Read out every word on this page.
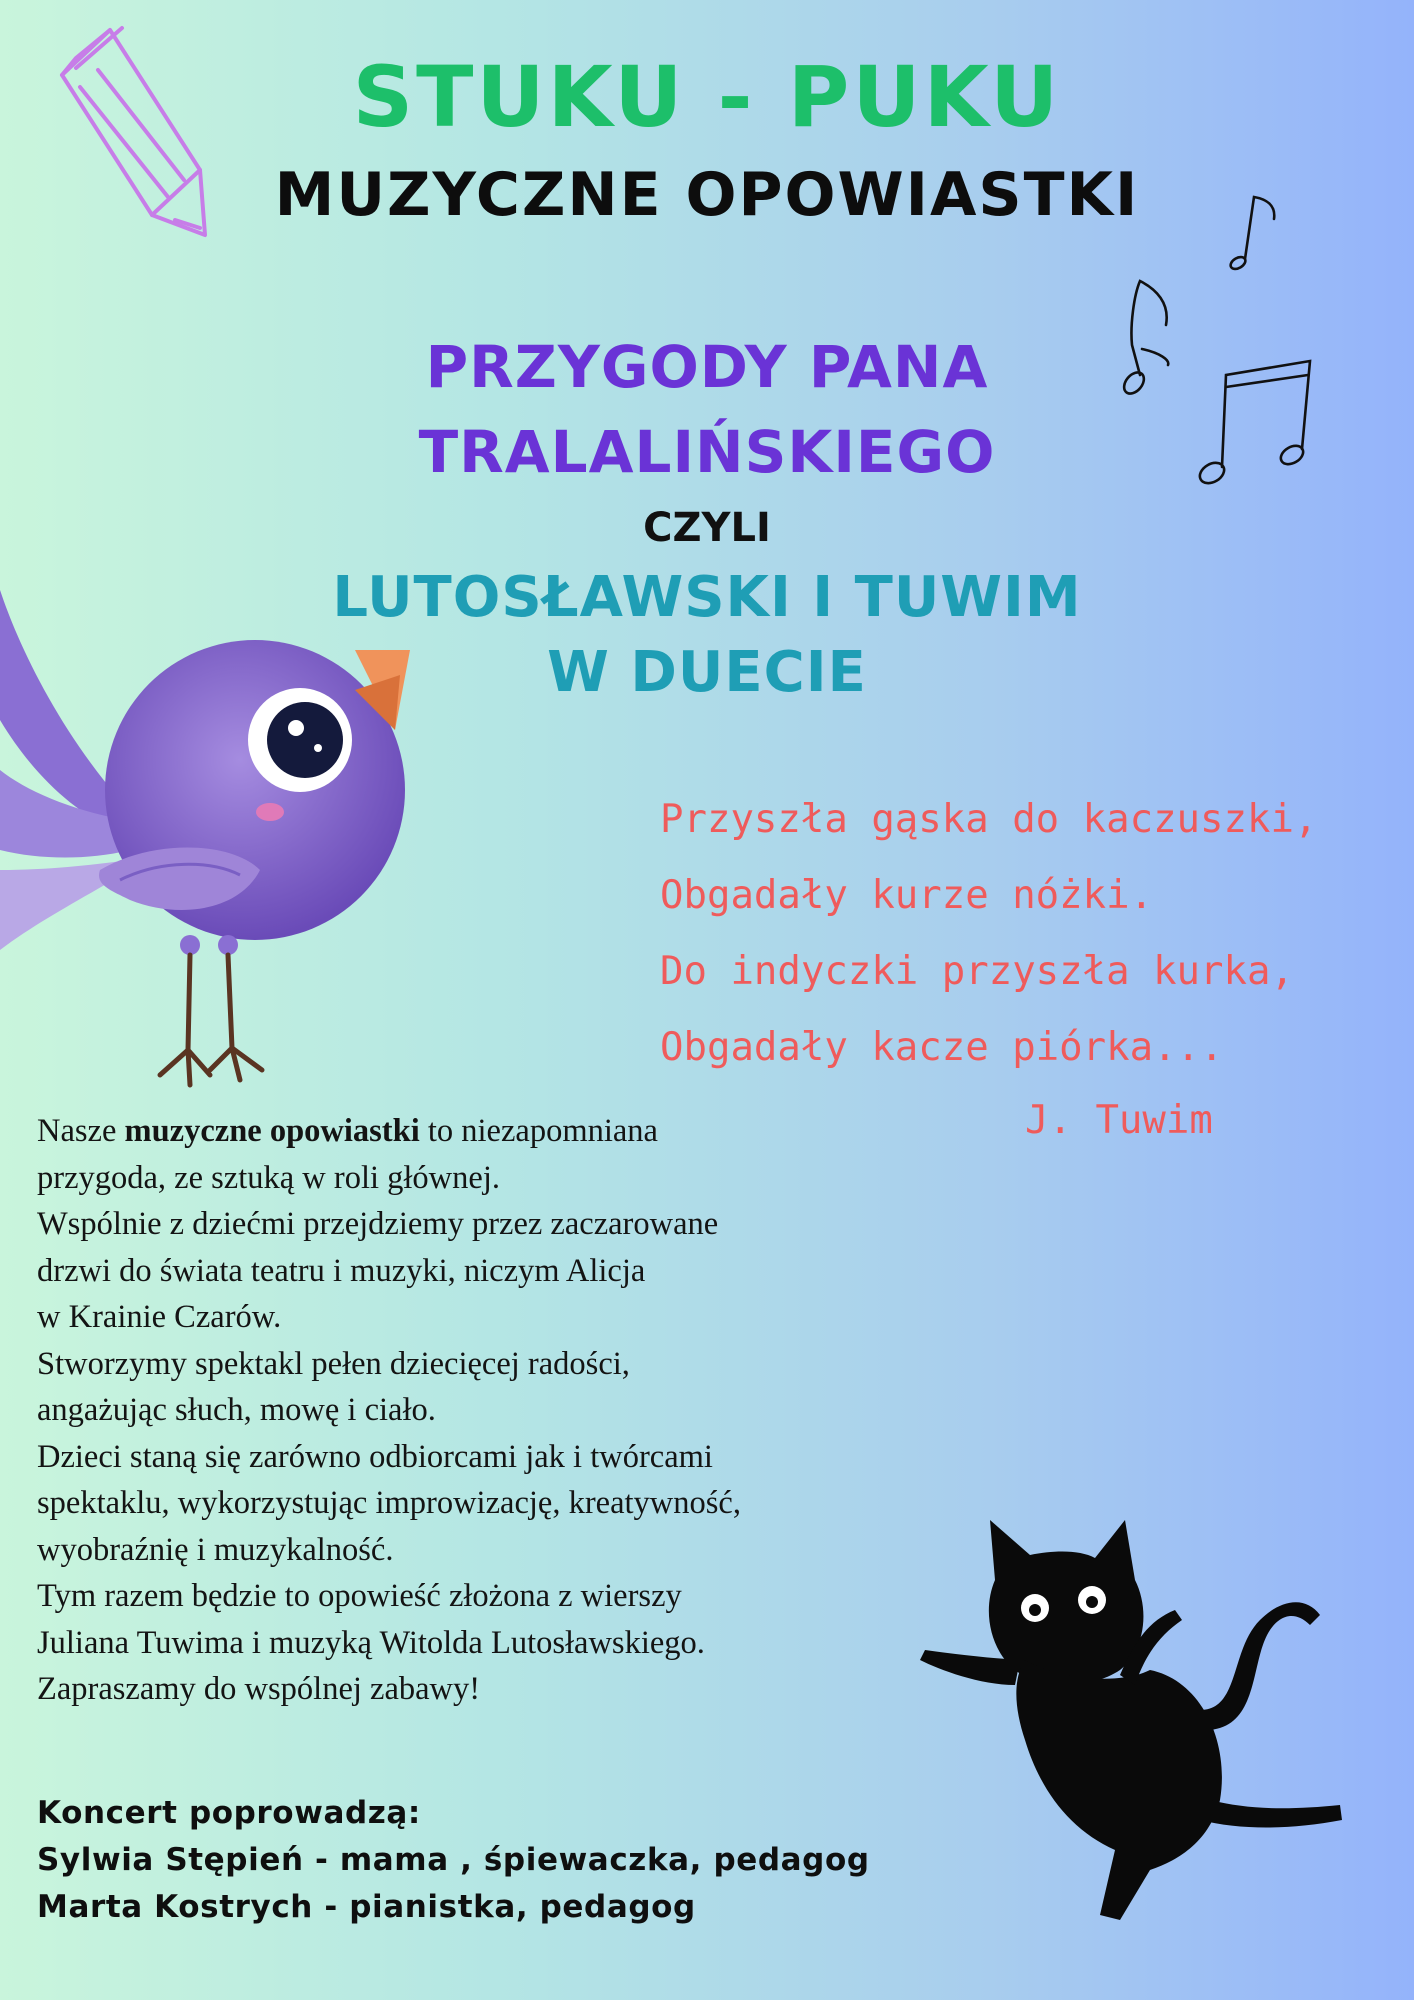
STUKU - PUKU
MUZYCZNE OPOWIASTKI
PRZYGODY PANA
TRALALIŃSKIEGO
CZYLI
LUTOSŁAWSKI I TUWIM
W DUECIE
Przyszła gąska do kaczuszki,
Obgadały kurze nóżki.
Do indyczki przyszła kurka,
Obgadały kacze piórka...
J. Tuwim

Nasze muzyczne opowiastki to niezapomniana

przygoda, ze sztuką w roli głównej.

Wspólnie z dziećmi przejdziemy przez zaczarowane

drzwi do świata teatru i muzyki, niczym Alicja

w Krainie Czarów.

Stworzymy spektakl pełen dziecięcej radości,

angażując słuch, mowę i ciało.

Dzieci staną się zarówno odbiorcami jak i twórcami

spektaklu, wykorzystując improwizację, kreatywność,

wyobraźnię i muzykalność.

Tym razem będzie to opowieść złożona z wierszy

Juliana Tuwima i muzyką Witolda Lutosławskiego.

Zapraszamy do wspólnej zabawy!

Koncert poprowadzą:
Sylwia Stępień - mama , śpiewaczka, pedagog
Marta Kostrych - pianistka, pedagog
